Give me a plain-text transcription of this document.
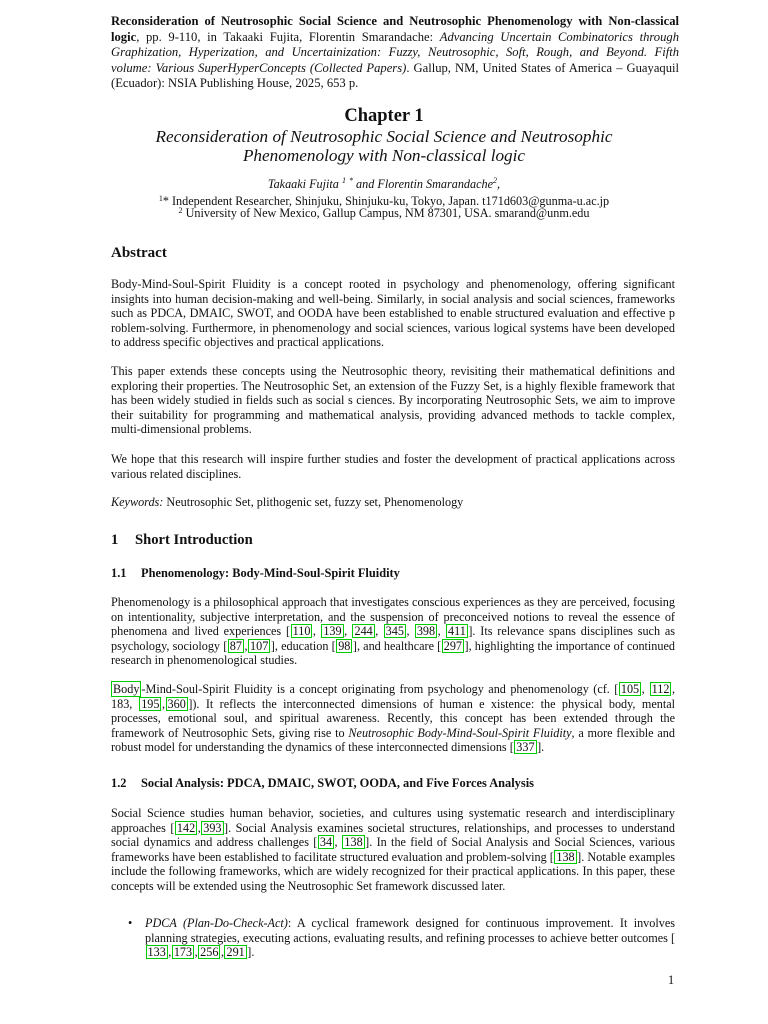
Reconsideration of Neutrosophic Social Science and Neutrosophic Phenomenology with Non-classical logic, pp. 9-110, in Takaaki Fujita, Florentin Smarandache: Advancing Uncertain Combinatorics through Graphization, Hyperization, and Uncertainization: Fuzzy, Neutrosophic, Soft, Rough, and Beyond. Fifth volume: Various SuperHyperConcepts (Collected Papers). Gallup, NM, United States of America – Guayaquil (Ecuador): NSIA Publishing House, 2025, 653 p.
Chapter 1
Reconsideration of Neutrosophic Social Science and Neutrosophic Phenomenology with Non-classical logic
Takaaki Fujita $^1$ * and Florentin Smarandache$^2$,
$^1$* Independent Researcher, Shinjuku, Shinjuku-ku, Tokyo, Japan. t171d603@gunma-u.ac.jp
$^2$ University of New Mexico, Gallup Campus, NM 87301, USA. smarand@unm.edu
Abstract
Body-Mind-Soul-Spirit Fluidity is a concept rooted in psychology and phenomenology, offering significant insights into human decision-making and well-being. Similarly, in social analysis and social sciences, frameworks such as PDCA, DMAIC, SWOT, and OODA have been established to enable structured evaluation and effective p roblem-solving. Furthermore, in phenomenology and social sciences, various logical systems have been developed to address specific objectives and practical applications.
This paper extends these concepts using the Neutrosophic theory, revisiting their mathematical definitions and exploring their properties. The Neutrosophic Set, an extension of the Fuzzy Set, is a highly flexible framework that has been widely studied in fields such as social s ciences. By incorporating Neutrosophic Sets, we aim to improve their suitability for programming and mathematical analysis, providing advanced methods to tackle complex, multi-dimensional problems.
We hope that this research will inspire further studies and foster the development of practical applications across various related disciplines.
Keywords: Neutrosophic Set, plithogenic set, fuzzy set, Phenomenology
1 Short Introduction
1.1 Phenomenology: Body-Mind-Soul-Spirit Fluidity
Phenomenology is a philosophical approach that investigates conscious experiences as they are perceived, focusing on intentionality, subjective interpretation, and the suspension of preconceived notions to reveal the essence of phenomena and lived experiences [ 110 , 139 , 244 , 345 , 398 , 411 ]. Its relevance spans disciplines such as psychology, sociology [ 87 , 107 ], education [ 98 ], and healthcare [ 297 ], highlighting the importance of continued research in phenomenological studies.
Body -Mind-Soul-Spirit Fluidity is a concept originating from psychology and phenomenology (cf. [ 105 , 112 , 183, 195 , 360 ]). It reflects the interconnected dimensions of human e xistence: the physical body, mental processes, emotional soul, and spiritual awareness. Recently, this concept has been extended through the framework of Neutrosophic Sets, giving rise to Neutrosophic Body-Mind-Soul-Spirit Fluidity, a more flexible and robust model for understanding the dynamics of these interconnected dimensions [ 337 ].
1.2 Social Analysis: PDCA, DMAIC, SWOT, OODA, and Five Forces Analysis
Social Science studies human behavior, societies, and cultures using systematic research and interdisciplinary approaches [ 142 , 393 ]. Social Analysis examines societal structures, relationships, and processes to understand social dynamics and address challenges [ 34 , 138 ]. In the field of Social Analysis and Social Sciences, various frameworks have been established to facilitate structured evaluation and problem-solving [ 138 ]. Notable examples include the following frameworks, which are widely recognized for their practical applications. In this paper, these concepts will be extended using the Neutrosophic Set framework discussed later.
• PDCA (Plan-Do-Check-Act): A cyclical framework designed for continuous improvement. It involves planning strategies, executing actions, evaluating results, and refining processes to achieve better outcomes [133 , 173 , 256 , 291 ].
1
